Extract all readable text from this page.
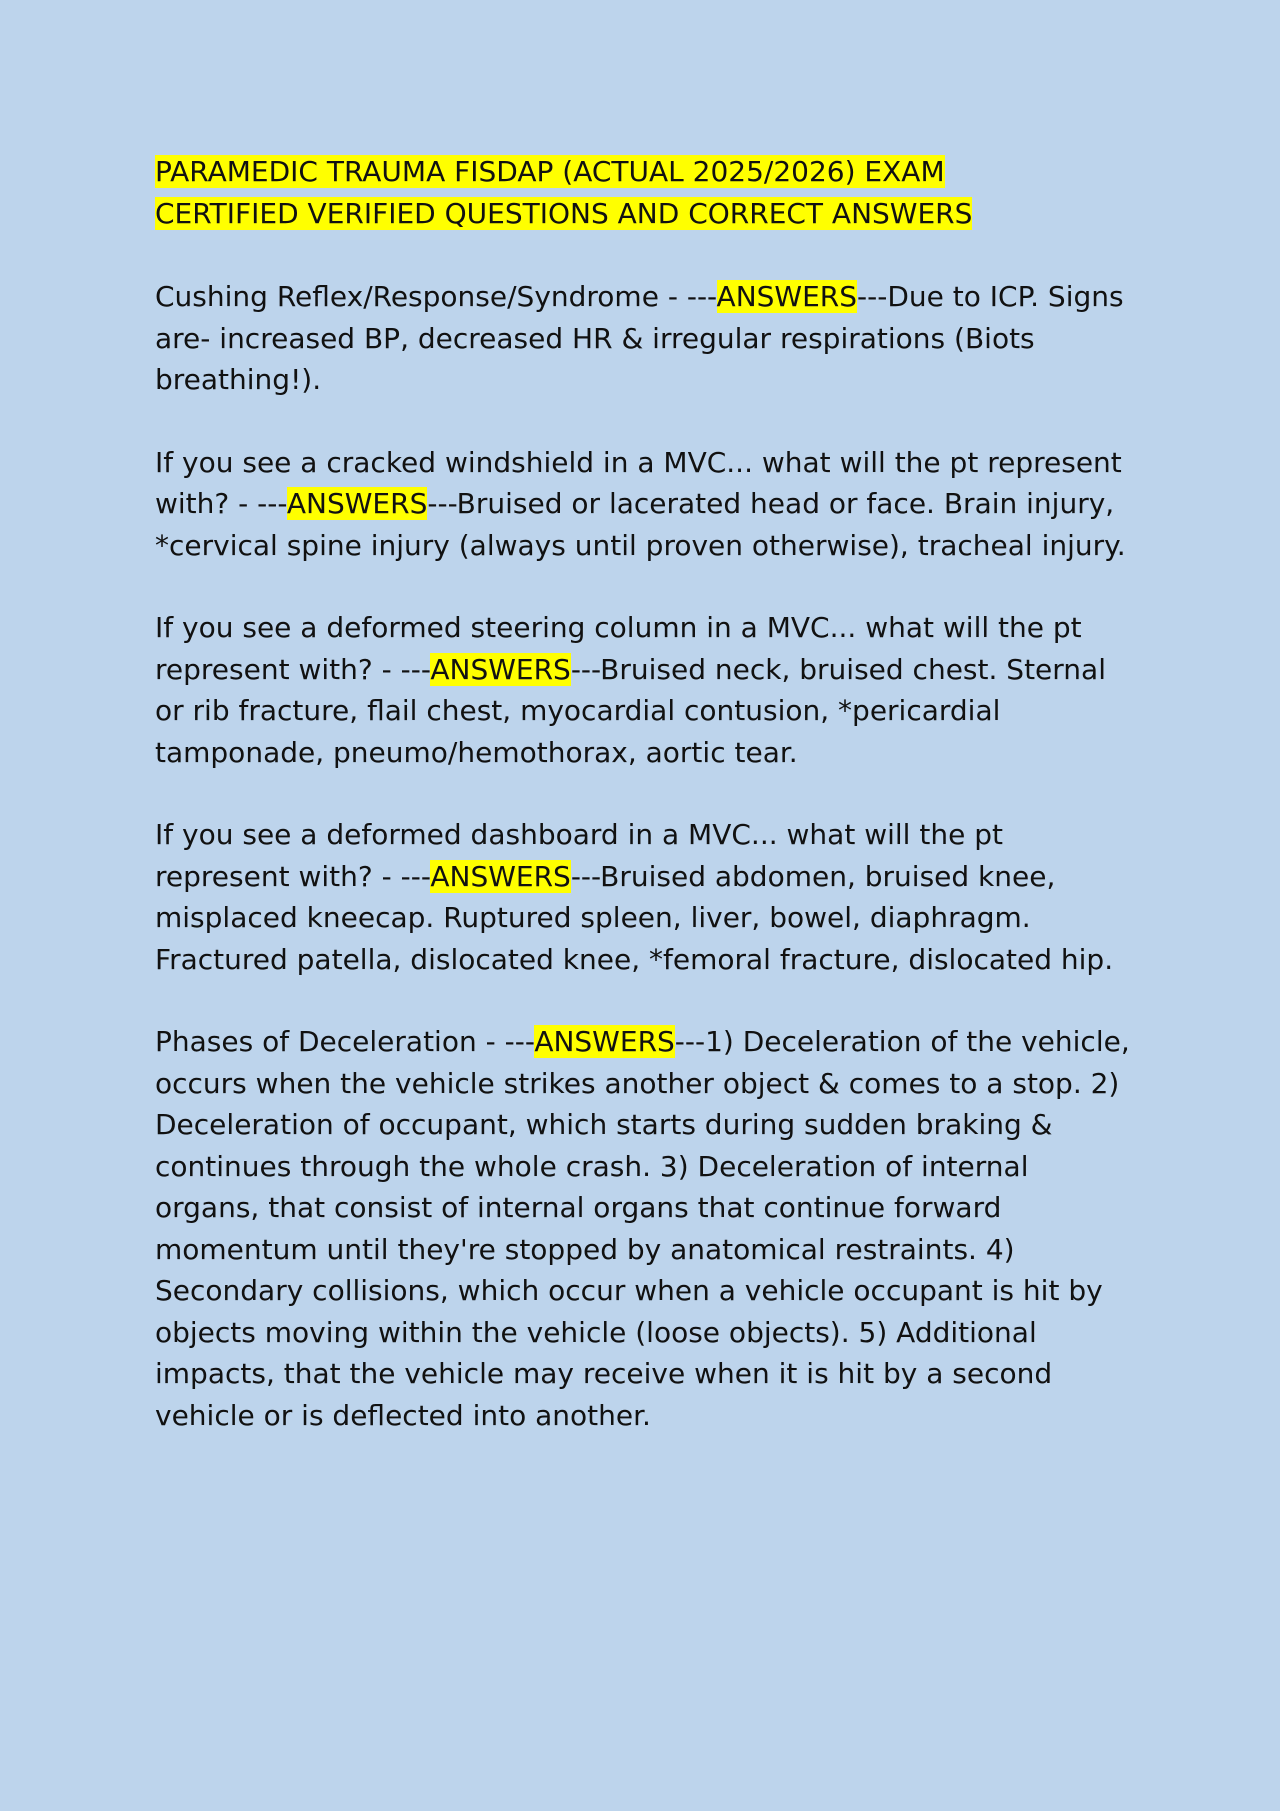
PARAMEDIC TRAUMA FISDAP (ACTUAL 2025/2026) EXAM
CERTIFIED VERIFIED QUESTIONS AND CORRECT ANSWERS

Cushing Reflex/Response/Syndrome - ---ANSWERS---Due to ICP. Signs are- increased BP, decreased HR & irregular respirations (Biots breathing!).

If you see a cracked windshield in a MVC... what will the pt represent with? - ---ANSWERS---Bruised or lacerated head or face. Brain injury, *cervical spine injury (always until proven otherwise), tracheal injury.

If you see a deformed steering column in a MVC... what will the pt represent with? - ---ANSWERS---Bruised neck, bruised chest. Sternal or rib fracture, flail chest, myocardial contusion, *pericardial tamponade, pneumo/hemothorax, aortic tear.

If you see a deformed dashboard in a MVC... what will the pt represent with? - ---ANSWERS---Bruised abdomen, bruised knee, misplaced kneecap. Ruptured spleen, liver, bowel, diaphragm. Fractured patella, dislocated knee, *femoral fracture, dislocated hip.

Phases of Deceleration - ---ANSWERS---1) Deceleration of the vehicle, occurs when the vehicle strikes another object & comes to a stop. 2) Deceleration of occupant, which starts during sudden braking & continues through the whole crash. 3) Deceleration of internal organs, that consist of internal organs that continue forward momentum until they're stopped by anatomical restraints. 4) Secondary collisions, which occur when a vehicle occupant is hit by objects moving within the vehicle (loose objects). 5) Additional impacts, that the vehicle may receive when it is hit by a second vehicle or is deflected into another.
